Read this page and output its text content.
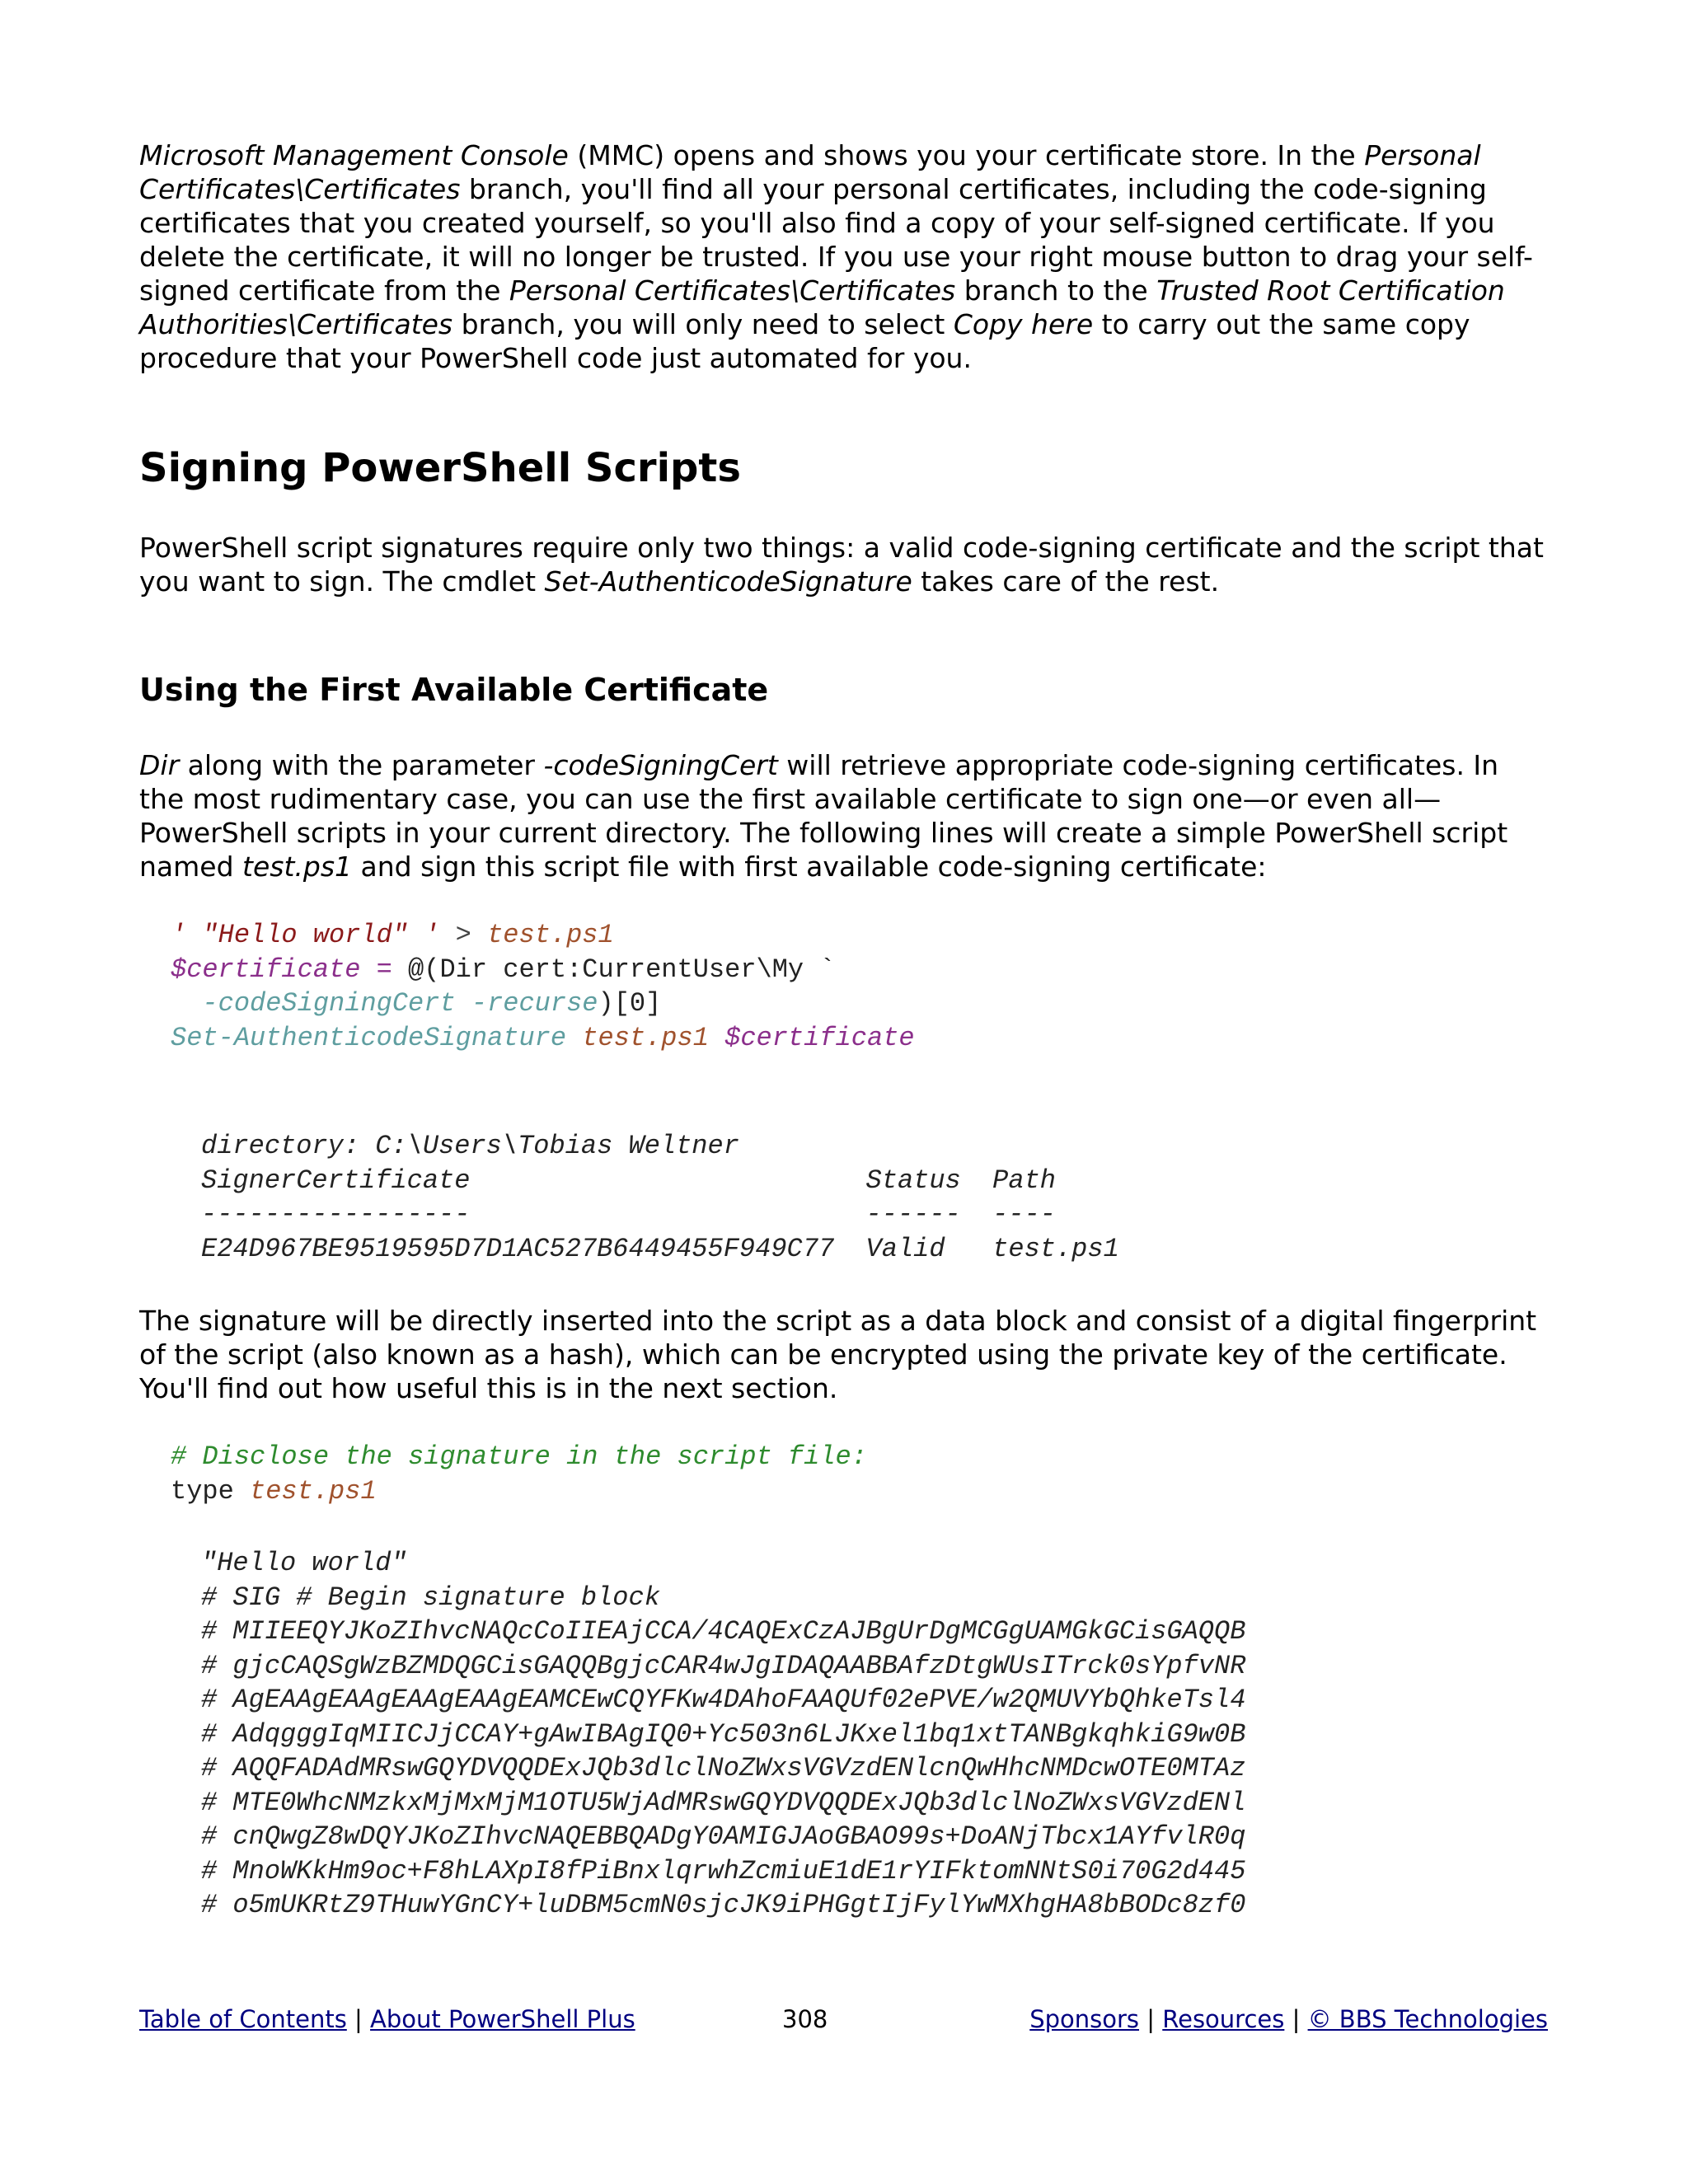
Microsoft Management Console (MMC) opens and shows you your certificate store. In the Personal Certificates\Certificates branch, you'll find all your personal certificates, including the code-signing certificates that you created yourself, so you'll also find a copy of your self-signed certificate. If you delete the certificate, it will no longer be trusted. If you use your right mouse button to drag your self-signed certificate from the Personal Certificates\Certificates branch to the Trusted Root Certification Authorities\Certificates branch, you will only need to select Copy here to carry out the same copy procedure that your PowerShell code just automated for you.

Signing PowerShell Scripts

PowerShell script signatures require only two things: a valid code-signing certificate and the script that you want to sign. The cmdlet Set-AuthenticodeSignature takes care of the rest.

Using the First Available Certificate

Dir along with the parameter -codeSigningCert will retrieve appropriate code-signing certificates. In the most rudimentary case, you can use the first available certificate to sign one—or even all—PowerShell scripts in your current directory. The following lines will create a simple PowerShell script named test.ps1 and sign this script file with first available code-signing certificate:

' "Hello world" ' > test.ps1
$certificate = @(Dir cert:CurrentUser\My `
-codeSigningCert -recurse)[0]
Set-AuthenticodeSignature test.ps1 $certificate
directory: C:\Users\Tobias Weltner
SignerCertificate                         Status  Path
-----------------                         ------  ----
E24D967BE9519595D7D1AC527B6449455F949C77  Valid   test.ps1

The signature will be directly inserted into the script as a data block and consist of a digital fingerprint of the script (also known as a hash), which can be encrypted using the private key of the certificate. You'll find out how useful this is in the next section.

# Disclose the signature in the script file:
type test.ps1
"Hello world"
# SIG # Begin signature block
# MIIEEQYJKoZIhvcNAQcCoIIEAjCCA/4CAQExCzAJBgUrDgMCGgUAMGkGCisGAQQB
# gjcCAQSgWzBZMDQGCisGAQQBgjcCAR4wJgIDAQAABBAfzDtgWUsITrck0sYpfvNR
# AgEAAgEAAgEAAgEAAgEAMCEwCQYFKw4DAhoFAAQUf02ePVE/w2QMUVYbQhkeTsl4
# AdqgggIqMIICJjCCAY+gAwIBAgIQ0+Yc503n6LJKxel1bq1xtTANBgkqhkiG9w0B
# AQQFADAdMRswGQYDVQQDExJQb3dlclNoZWxsVGVzdENlcnQwHhcNMDcwOTE0MTAz
# MTE0WhcNMzkxMjMxMjM1OTU5WjAdMRswGQYDVQQDExJQb3dlclNoZWxsVGVzdENl
# cnQwgZ8wDQYJKoZIhvcNAQEBBQADgY0AMIGJAoGBAO99s+DoANjTbcx1AYfvlR0q
# MnoWKkHm9oc+F8hLAXpI8fPiBnxlqrwhZcmiuE1dE1rYIFktomNNtS0i70G2d445
# o5mUKRtZ9THuwYGnCY+luDBM5cmN0sjcJK9iPHGgtIjFylYwMXhgHA8bBODc8zf0
Table of Contents | About PowerShell Plus	308	Sponsors | Resources | © BBS Technologies
